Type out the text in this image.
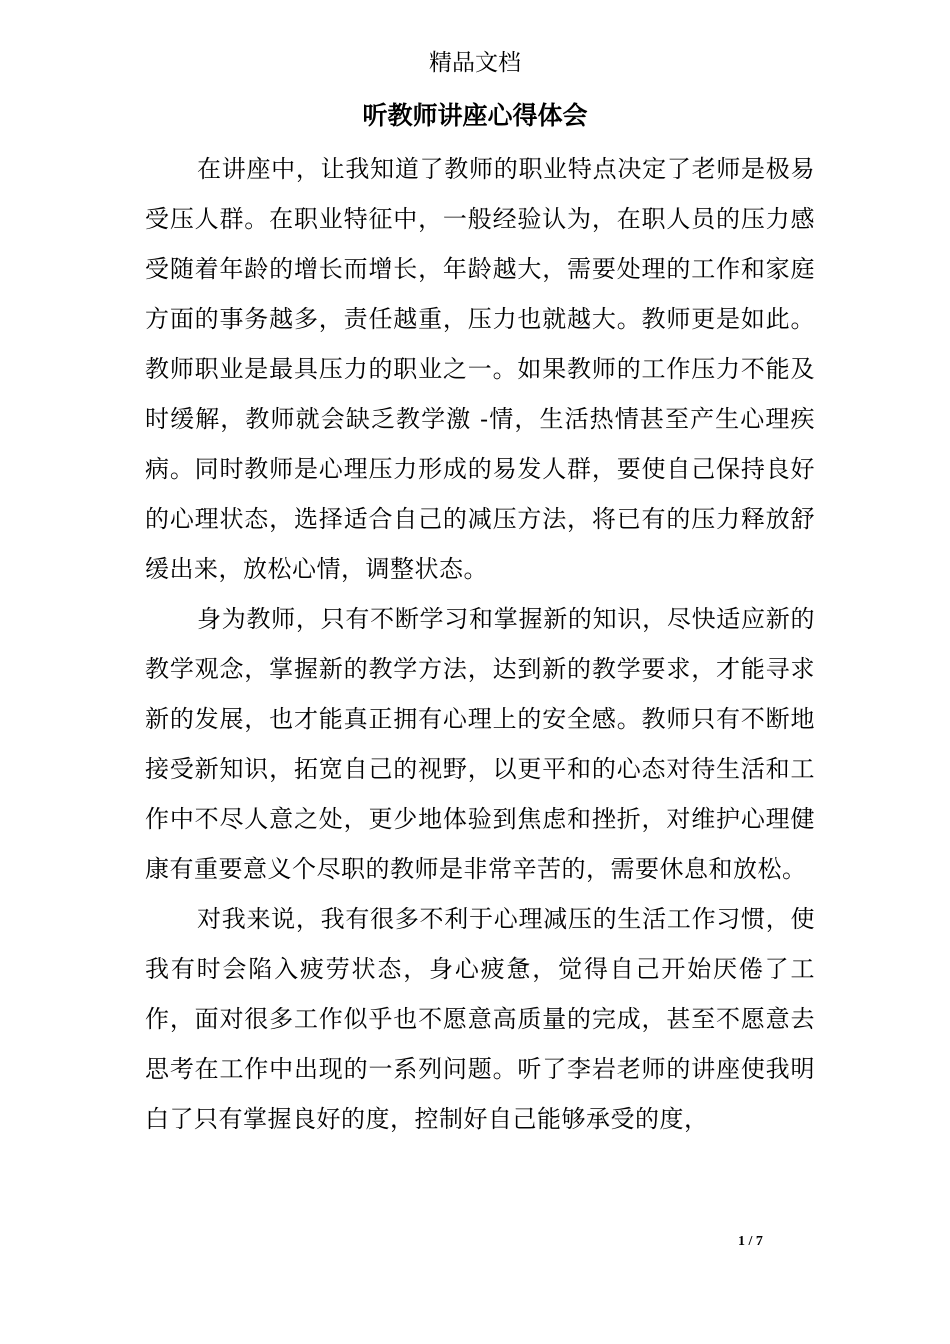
精品文档
听教师讲座心得体会

在讲座中，让我知道了教师的职业特点决定了老师是极易受压人群。在职业特征中，一般经验认为，在职人员的压力感受随着年龄的增长而增长，年龄越大，需要处理的工作和家庭方面的事务越多，责任越重，压力也就越大。教师更是如此。教师职业是最具压力的职业之一。如果教师的工作压力不能及时缓解，教师就会缺乏教学激 -情，生活热情甚至产生心理疾病。同时教师是心理压力形成的易发人群，要使自己保持良好的心理状态，选择适合自己的减压方法，将已有的压力释放舒缓出来，放松心情，调整状态。

身为教师，只有不断学习和掌握新的知识，尽快适应新的教学观念，掌握新的教学方法，达到新的教学要求，才能寻求新的发展，也才能真正拥有心理上的安全感。教师只有不断地接受新知识，拓宽自己的视野，以更平和的心态对待生活和工作中不尽人意之处，更少地体验到焦虑和挫折，对维护心理健康有重要意义个尽职的教师是非常辛苦的，需要休息和放松。

对我来说，我有很多不利于心理减压的生活工作习惯，使我有时会陷入疲劳状态，身心疲惫，觉得自己开始厌倦了工作，面对很多工作似乎也不愿意高质量的完成，甚至不愿意去思考在工作中出现的一系列问题。听了李岩老师的讲座使我明白了只有掌握良好的度，控制好自己能够承受的度，

1 / 7
